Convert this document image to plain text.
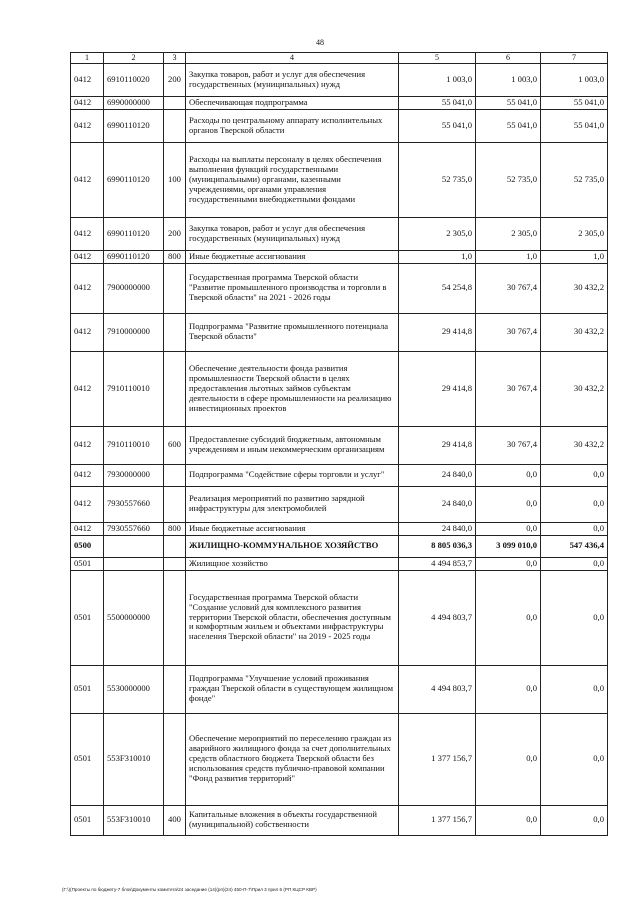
48
1	2	3	4	5	6	7
0412	6910110020	200	Закупка товаров, работ и услуг для обеспечения государственных (муниципальных) нужд	1 003,0	1 003,0	1 003,0
0412	6990000000		Обеспечивающая подпрограмма	55 041,0	55 041,0	55 041,0
0412	6990110120		Расходы по центральному аппарату исполнительных органов Тверской области	55 041,0	55 041,0	55 041,0
0412	6990110120	100	Расходы на выплаты персоналу в целях обеспечения выполнения функций государственными (муниципальными) органами, казенными учреждениями, органами управления государственными внебюджетными фондами	52 735,0	52 735,0	52 735,0
0412	6990110120	200	Закупка товаров, работ и услуг для обеспечения государственных (муниципальных) нужд	2 305,0	2 305,0	2 305,0
0412	6990110120	800	Иные бюджетные ассигнования	1,0	1,0	1,0
0412	7900000000		Государственная программа Тверской области "Развитие промышленного производства и торговли в Тверской области" на 2021 - 2026 годы	54 254,8	30 767,4	30 432,2
0412	7910000000		Подпрограмма "Развитие промышленного потенциала Тверской области"	29 414,8	30 767,4	30 432,2
0412	7910110010		Обеспечение деятельности фонда развития промышленности Тверской области в целях предоставления льготных займов субъектам деятельности в сфере промышленности на реализацию инвестиционных проектов	29 414,8	30 767,4	30 432,2
0412	7910110010	600	Предоставление субсидий бюджетным, автономным учреждениям и иным некоммерческим организациям	29 414,8	30 767,4	30 432,2
0412	7930000000		Подпрограмма "Содействие сферы торговли и услуг"	24 840,0	0,0	0,0
0412	7930557660		Реализация мероприятий по развитию зарядной инфраструктуры для электромобилей	24 840,0	0,0	0,0
0412	7930557660	800	Иные бюджетные ассигнования	24 840,0	0,0	0,0
0500			ЖИЛИЩНО-КОММУНАЛЬНОЕ ХОЗЯЙСТВО	8 805 036,3	3 099 010,0	547 436,4
0501			Жилищное хозяйство	4 494 853,7	0,0	0,0
0501	5500000000		Государственная программа Тверской области "Создание условий для комплексного развития территории Тверской области, обеспечения доступным и комфортным жильем и объектами инфраструктуры населения Тверской области" на 2019 - 2025 годы	4 494 803,7	0,0	0,0
0501	5530000000		Подпрограмма "Улучшение условий проживания граждан Тверской области в существующем жилищном фонде"	4 494 803,7	0,0	0,0
0501	553F310010		Обеспечение мероприятий по переселению граждан из аварийного жилищного фонда за счет дополнительных средств областного бюджета Тверской области без использования средств публично-правовой компании "Фонд развития территорий"	1 377 156,7	0,0	0,0
0501	553F310010	400	Капитальные вложения в объекты государственной (муниципальной) собственности	1 377 156,7	0,0	0,0
(Г:\)(Проекты по бюджету-7 блок\Документы комитета\24 заседание (14)(рп)(24) 450-П-7\Прил 3 прил 6 (РП КЦСР КВР)
